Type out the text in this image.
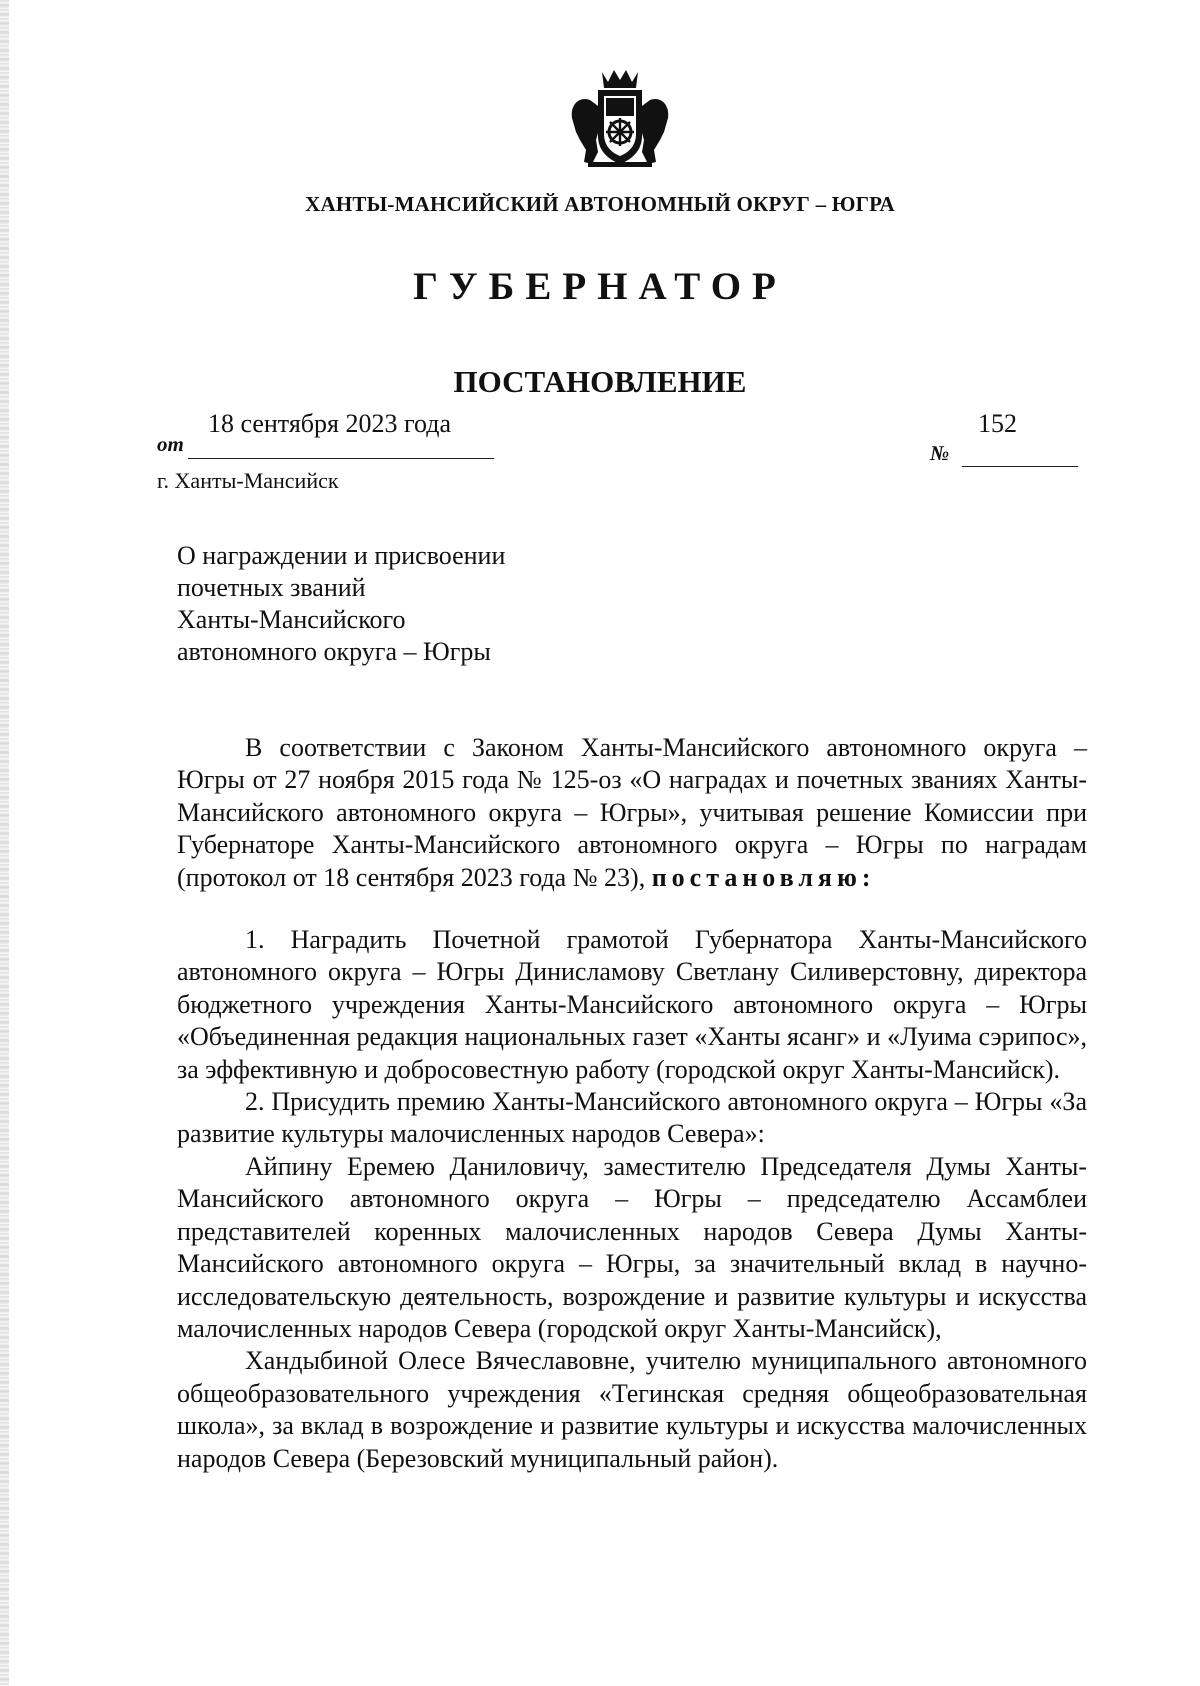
ХАНТЫ-МАНСИЙСКИЙ АВТОНОМНЫЙ ОКРУГ – ЮГРА
ГУБЕРНАТОР
ПОСТАНОВЛЕНИЕ
от
18 сентября 2023 года
№
152
г. Ханты-Мансийск
О награждении и присвоении
почетных званий
Ханты-Мансийского
автономного округа – Югры

В соответствии с Законом Ханты-Мансийского автономного округа – Югры от 27 ноября 2015 года № 125-оз «О наградах и почетных званиях Ханты-Мансийского автономного округа – Югры», учитывая решение Комиссии при Губернаторе Ханты-Мансийского автономного округа – Югры по наградам (протокол от 18 сентября 2023 года № 23), постановляю:

1. Наградить Почетной грамотой Губернатора Ханты-Мансийского автономного округа – Югры Динисламову Светлану Силиверстовну, директора бюджетного учреждения Ханты-Мансийского автономного округа – Югры «Объединенная редакция национальных газет «Ханты ясанг» и «Луима сэрипос», за эффективную и добросовестную работу (городской округ Ханты-Мансийск).

2. Присудить премию Ханты-Мансийского автономного округа – Югры «За развитие культуры малочисленных народов Севера»:

Айпину Еремею Даниловичу, заместителю Председателя Думы Ханты-Мансийского автономного округа – Югры – председателю Ассамблеи представителей коренных малочисленных народов Севера Думы Ханты-Мансийского автономного округа – Югры, за значительный вклад в научно-исследовательскую деятельность, возрождение и развитие культуры и искусства малочисленных народов Севера (городской округ Ханты-Мансийск),

Хандыбиной Олесе Вячеславовне, учителю муниципального автономного общеобразовательного учреждения «Тегинская средняя общеобразовательная школа», за вклад в возрождение и развитие культуры и искусства малочисленных народов Севера (Березовский муниципальный район).
